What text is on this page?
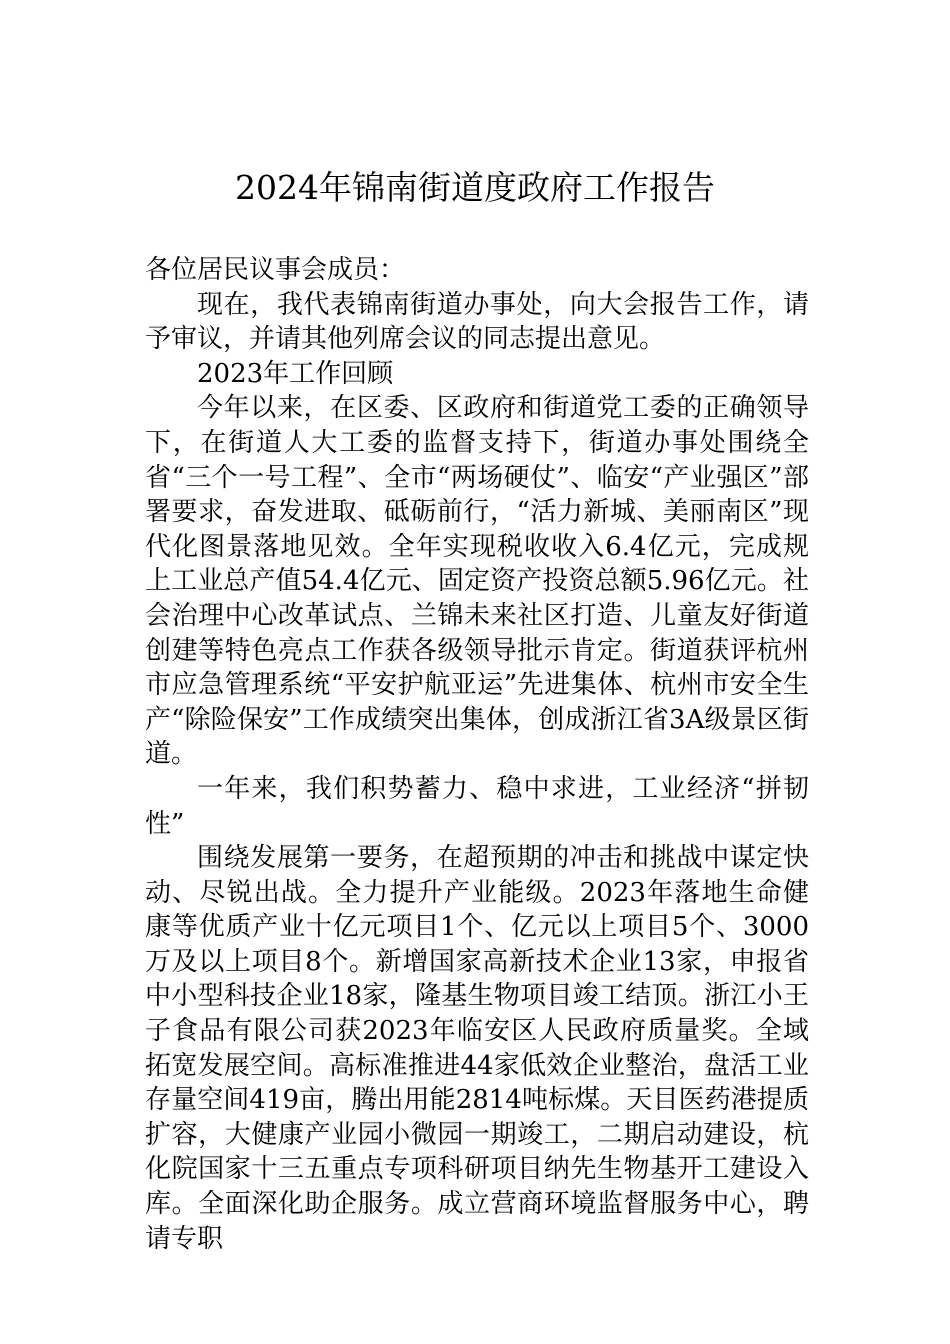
2024年锦南街道度政府工作报告

各位居民议事会成员：

现在，我代表锦南街道办事处，向大会报告工作，请予审议，并请其他列席会议的同志提出意见。

2023年工作回顾

今年以来，在区委、区政府和街道党工委的正确领导下，在街道人大工委的监督支持下，街道办事处围绕全省“三个一号工程”、全市“两场硬仗”、临安“产业强区”部署要求，奋发进取、砥砺前行，“活力新城、美丽南区”现代化图景落地见效。全年实现税收收入6.4亿元，完成规上工业总产值54.4亿元、固定资产投资总额5.96亿元。社会治理中心改革试点、兰锦未来社区打造、儿童友好街道创建等特色亮点工作获各级领导批示肯定。街道获评杭州市应急管理系统“平安护航亚运”先进集体、杭州市安全生产“除险保安”工作成绩突出集体，创成浙江省3A级景区街道。

一年来，我们积势蓄力、稳中求进，工业经济“拼韧性”

围绕发展第一要务，在超预期的冲击和挑战中谋定快动、尽锐出战。全力提升产业能级。2023年落地生命健康等优质产业十亿元项目1个、亿元以上项目5个、3000万及以上项目8个。新增国家高新技术企业13家，申报省中小型科技企业18家，隆基生物项目竣工结顶。浙江小王子食品有限公司获2023年临安区人民政府质量奖。全域拓宽发展空间。高标准推进44家低效企业整治，盘活工业存量空间419亩，腾出用能2814吨标煤。天目医药港提质扩容，大健康产业园小微园一期竣工，二期启动建设，杭化院国家十三五重点专项科研项目纳先生物基开工建设入库。全面深化助企服务。成立营商环境监督服务中心，聘请专职
